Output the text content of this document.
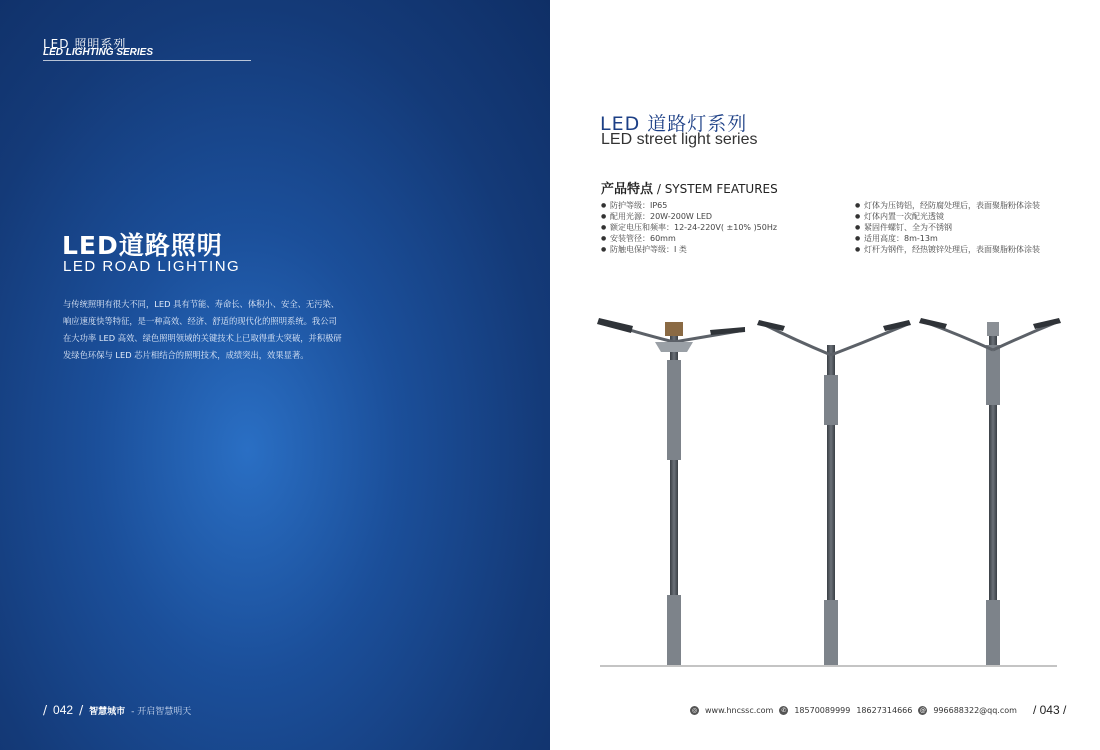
LED 照明系列
LED LIGHTING SERIES
LED道路照明
LED ROAD LIGHTING

与传统照明有很大不同，LED 具有节能、寿命长、体积小、安全、无污染、响应速度快等特征，是一种高效、经济、舒适的现代化的照明系统。我公司在大功率 LED 高效、绿色照明领域的关键技术上已取得重大突破，并积极研发绿色环保与 LED 芯片相结合的照明技术，成绩突出，效果显著。

/ 042 / 智慧城市 - 开启智慧明天
LED 道路灯系列
LED street light series
产品特点 / SYSTEM FEATURES
● 防护等级：IP65
● 配用光源：20W-200W LED
● 额定电压和频率：12-24-220V( ±10% )50Hz
● 安装管径：60mm
● 防触电保护等级：I 类
● 灯体为压铸铝，经防腐处理后，表面聚脂粉体涂装
● 灯体内置一次配光透镜
● 紧固件螺钉、全为不锈钢
● 适用高度：8m-13m
● 灯杆为钢件，经热镀锌处理后，表面聚脂粉体涂装
◎ www.hncssc.com	✆ 18570089999 18627314666 @ 996688322@qq.com / 043 /
